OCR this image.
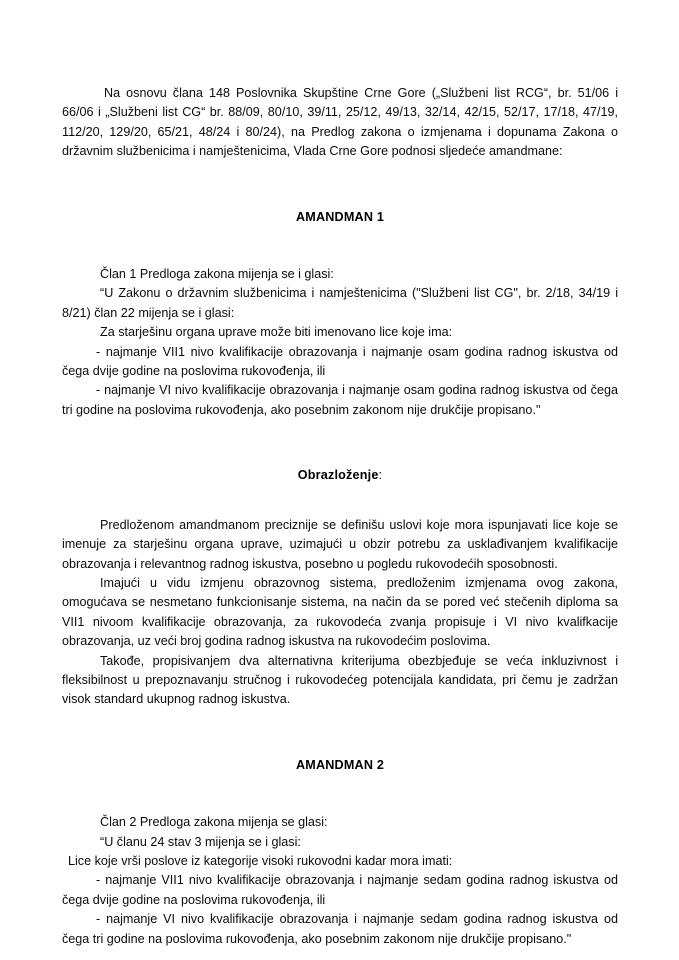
Na osnovu člana 148 Poslovnika Skupštine Crne Gore („Službeni list RCG“, br. 51/06 i 66/06 i „Službeni list CG“ br. 88/09, 80/10, 39/11, 25/12, 49/13, 32/14, 42/15, 52/17, 17/18, 47/19, 112/20, 129/20, 65/21, 48/24 i 80/24), na Predlog zakona o izmjenama i dopunama Zakona o državnim službenicima i namještenicima, Vlada Crne Gore podnosi sljedeće amandmane:

AMANDMAN 1

Član 1 Predloga zakona mijenja se i glasi:

“U Zakonu o državnim službenicima i namještenicima ("Službeni list CG", br. 2/18, 34/19 i 8/21) član 22 mijenja se i glasi:

Za starješinu organa uprave može biti imenovano lice koje ima:

- najmanje VII1 nivo kvalifikacije obrazovanja i najmanje osam godina radnog iskustva od čega dvije godine na poslovima rukovođenja, ili

- najmanje VI nivo kvalifikacije obrazovanja i najmanje osam godina radnog iskustva od čega tri godine na poslovima rukovođenja, ako posebnim zakonom nije drukčije propisano."

Obrazloženje:

Predloženom amandmanom preciznije se definišu uslovi koje mora ispunjavati lice koje se imenuje za starješinu organa uprave, uzimajući u obzir potrebu za usklađivanjem kvalifikacije obrazovanja i relevantnog radnog iskustva, posebno u pogledu rukovodećih sposobnosti.

Imajući u vidu izmjenu obrazovnog sistema, predloženim izmjenama ovog zakona, omogućava se nesmetano funkcionisanje sistema, na način da se pored već stečenih diploma sa VII1 nivoom kvalifikacije obrazovanja, za rukovodeća zvanja propisuje i VI nivo kvalifkacije obrazovanja, uz veći broj godina radnog iskustva na rukovodećim poslovima.

Takođe, propisivanjem dva alternativna kriterijuma obezbjeđuje se veća inkluzivnost i fleksibilnost u prepoznavanju stručnog i rukovodećeg potencijala kandidata, pri čemu je zadržan visok standard ukupnog radnog iskustva.

AMANDMAN 2

Član 2 Predloga zakona mijenja se glasi:

“U članu 24 stav 3 mijenja se i glasi:

Lice koje vrši poslove iz kategorije visoki rukovodni kadar mora imati:

- najmanje VII1 nivo kvalifikacije obrazovanja i najmanje sedam godina radnog iskustva od čega dvije godine na poslovima rukovođenja, ili

- najmanje VI nivo kvalifikacije obrazovanja i najmanje sedam godina radnog iskustva od čega tri godine na poslovima rukovođenja, ako posebnim zakonom nije drukčije propisano."
